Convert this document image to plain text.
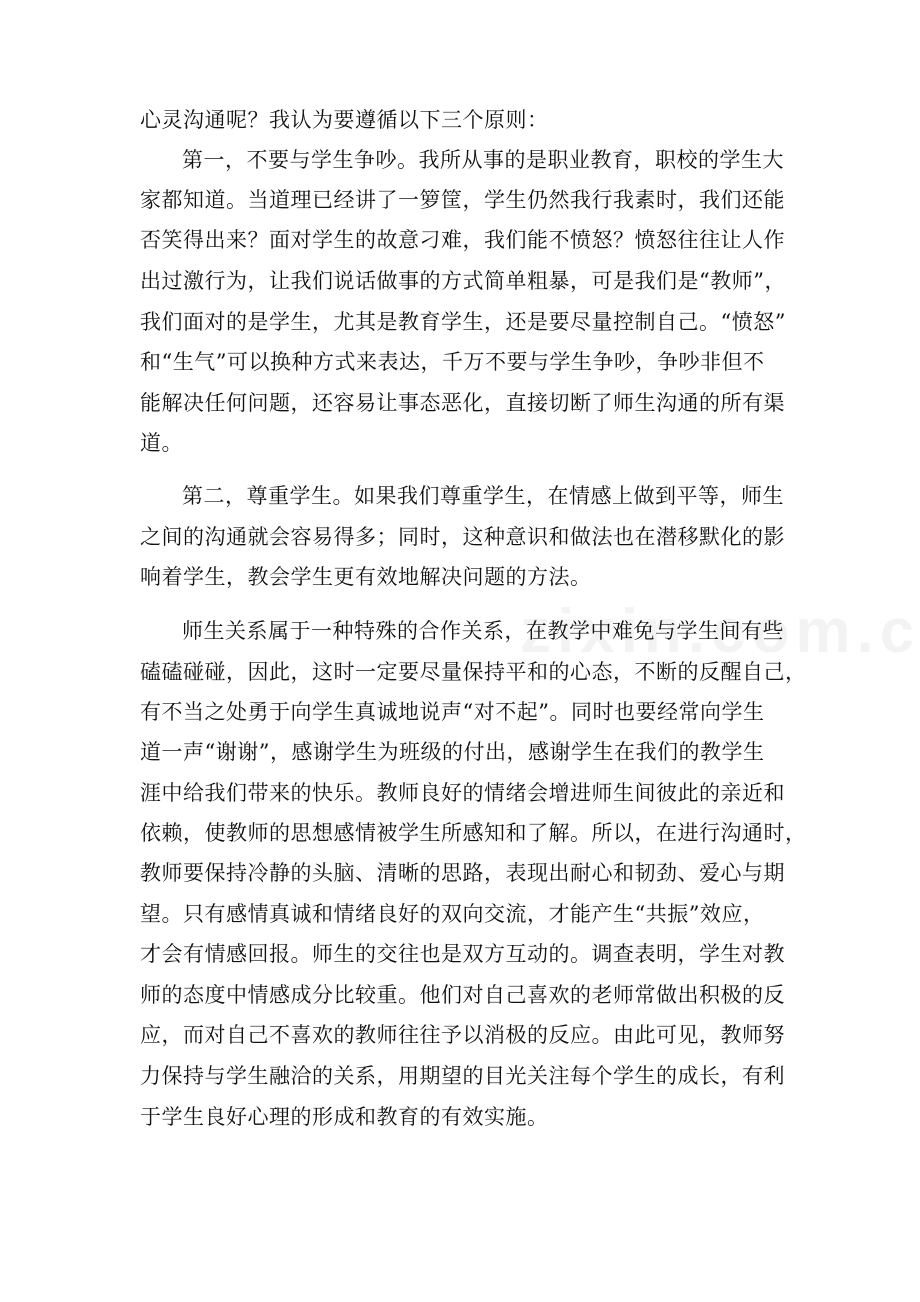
心灵沟通呢？我认为要遵循以下三个原则：
第一，不要与学生争吵。我所从事的是职业教育，职校的学生大
家都知道。当道理已经讲了一箩筐，学生仍然我行我素时，我们还能
否笑得出来？面对学生的故意刁难，我们能不愤怒？愤怒往往让人作
出过激行为，让我们说话做事的方式简单粗暴，可是我们是“教师”，
我们面对的是学生，尤其是教育学生，还是要尽量控制自己。“愤怒”
和“生气”可以换种方式来表达，千万不要与学生争吵，争吵非但不
能解决任何问题，还容易让事态恶化，直接切断了师生沟通的所有渠
道。
第二，尊重学生。如果我们尊重学生，在情感上做到平等，师生
之间的沟通就会容易得多；同时，这种意识和做法也在潜移默化的影
响着学生，教会学生更有效地解决问题的方法。
师生关系属于一种特殊的合作关系，在教学中难免与学生间有些
磕磕碰碰，因此，这时一定要尽量保持平和的心态，不断的反醒自己，
有不当之处勇于向学生真诚地说声“对不起”。同时也要经常向学生
道一声“谢谢”，感谢学生为班级的付出，感谢学生在我们的教学生
涯中给我们带来的快乐。教师良好的情绪会增进师生间彼此的亲近和
依赖，使教师的思想感情被学生所感知和了解。所以，在进行沟通时，
教师要保持冷静的头脑、清晰的思路，表现出耐心和韧劲、爱心与期
望。只有感情真诚和情绪良好的双向交流，才能产生“共振”效应，
才会有情感回报。师生的交往也是双方互动的。调查表明，学生对教
师的态度中情感成分比较重。他们对自己喜欢的老师常做出积极的反
应，而对自己不喜欢的教师往往予以消极的反应。由此可见，教师努
力保持与学生融洽的关系，用期望的目光关注每个学生的成长，有利
于学生良好心理的形成和教育的有效实施。
